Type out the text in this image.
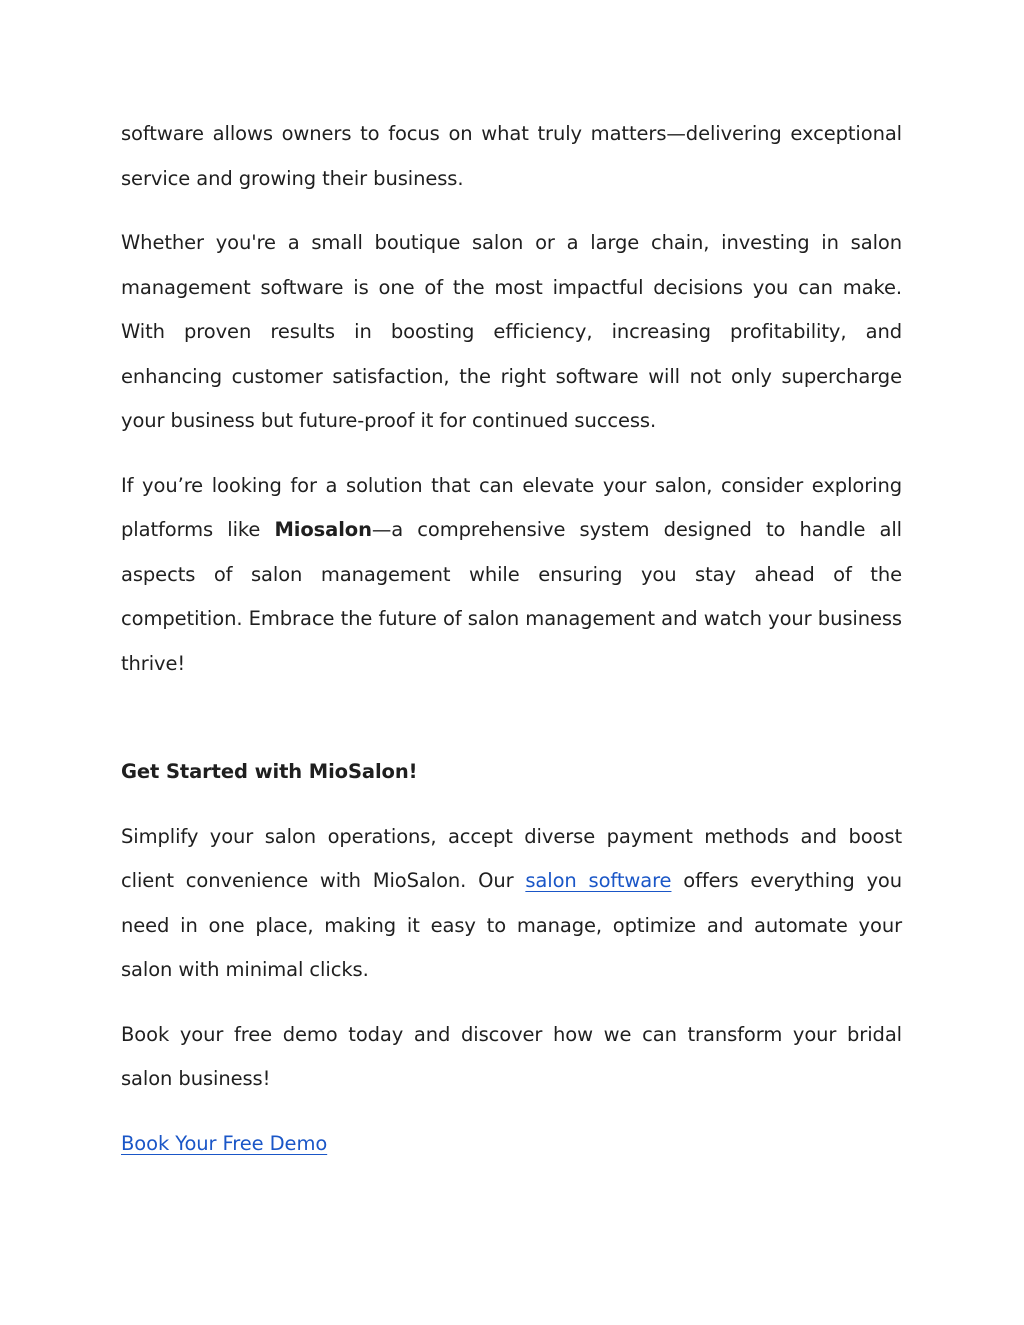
software allows owners to focus on what truly matters—delivering exceptional service and growing their business.

Whether you're a small boutique salon or a large chain, investing in salon management software is one of the most impactful decisions you can make. With proven results in boosting efficiency, increasing profitability, and enhancing customer satisfaction, the right software will not only supercharge your business but future-proof it for continued success.

If you’re looking for a solution that can elevate your salon, consider exploring platforms like Miosalon—a comprehensive system designed to handle all aspects of salon management while ensuring you stay ahead of the competition. Embrace the future of salon management and watch your business thrive!

Get Started with MioSalon!

Simplify your salon operations, accept diverse payment methods and boost client convenience with MioSalon. Our salon software offers everything you need in one place, making it easy to manage, optimize and automate your salon with minimal clicks.

Book your free demo today and discover how we can transform your bridal salon business!

Book Your Free Demo
